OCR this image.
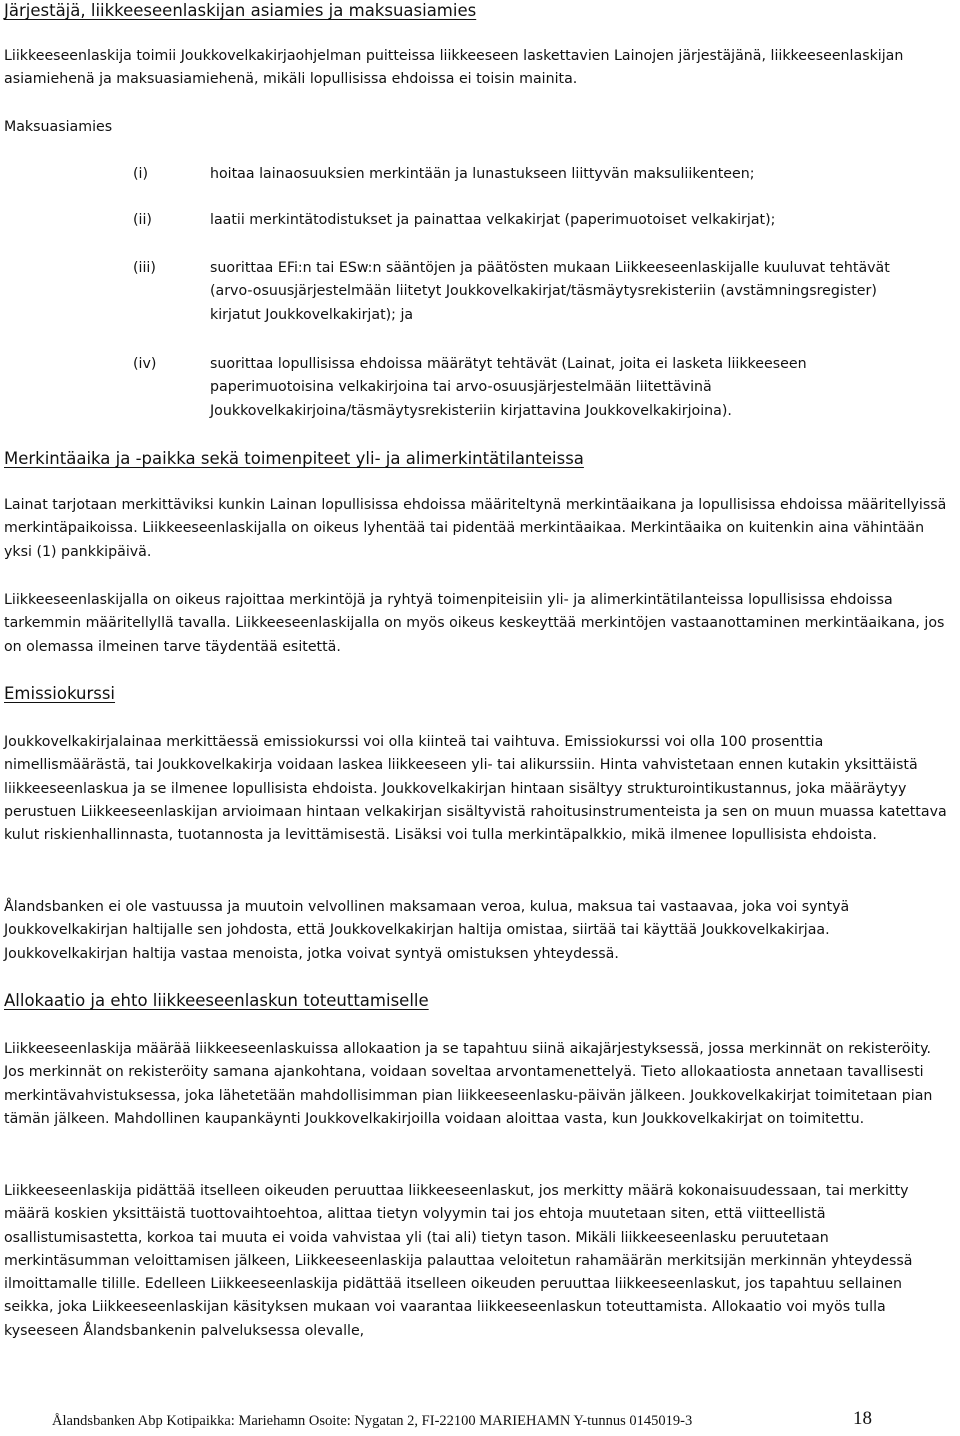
Järjestäjä, liikkeeseenlaskijan asiamies ja maksuasiamies

Liikkeeseenlaskija toimii Joukkovelkakirjaohjelman puitteissa liikkeeseen laskettavien Lainojen järjestäjänä, liikkeeseenlaskijan asiamiehenä ja maksuasiamiehenä, mikäli lopullisissa ehdoissa ei toisin mainita.

Maksuasiamies

(i)	hoitaa lainaosuuksien merkintään ja lunastukseen liittyvän maksuliikenteen;
(ii)	laatii merkintätodistukset ja painattaa velkakirjat (paperimuotoiset velkakirjat);
(iii)	suorittaa EFi:n tai ESw:n sääntöjen ja päätösten mukaan Liikkeeseenlaskijalle kuuluvat tehtävät (arvo-osuusjärjestelmään liitetyt Joukkovelkakirjat/täsmäytysrekisteriin (avstämningsregister) kirjatut Joukkovelkakirjat); ja
(iv)	suorittaa lopullisissa ehdoissa määrätyt tehtävät (Lainat, joita ei lasketa liikkeeseen paperimuotoisina velkakirjoina tai arvo-osuusjärjestelmään liitettävinä Joukkovelkakirjoina/täsmäytysrekisteriin kirjattavina Joukkovelkakirjoina).
Merkintäaika ja -paikka sekä toimenpiteet yli- ja alimerkintätilanteissa

Lainat tarjotaan merkittäviksi kunkin Lainan lopullisissa ehdoissa määriteltynä merkintäaikana ja lopullisissa ehdoissa määritellyissä merkintäpaikoissa. Liikkeeseenlaskijalla on oikeus lyhentää tai pidentää merkintäaikaa. Merkintäaika on kuitenkin aina vähintään yksi (1) pankkipäivä.

Liikkeeseenlaskijalla on oikeus rajoittaa merkintöjä ja ryhtyä toimenpiteisiin yli- ja alimerkintätilanteissa lopullisissa ehdoissa tarkemmin määritellyllä tavalla. Liikkeeseenlaskijalla on myös oikeus keskeyttää merkintöjen vastaanottaminen merkintäaikana, jos on olemassa ilmeinen tarve täydentää esitettä.

Emissiokurssi

Joukkovelkakirjalainaa merkittäessä emissiokurssi voi olla kiinteä tai vaihtuva. Emissiokurssi voi olla 100 prosenttia nimellismäärästä, tai Joukkovelkakirja voidaan laskea liikkeeseen yli- tai alikurssiin. Hinta vahvistetaan ennen kutakin yksittäistä liikkeeseenlaskua ja se ilmenee lopullisista ehdoista. Joukkovelkakirjan hintaan sisältyy strukturointikustannus, joka määräytyy perustuen Liikkeeseenlaskijan arvioimaan hintaan velkakirjan sisältyvistä rahoitusinstrumenteista ja sen on muun muassa katettava kulut riskienhallinnasta, tuotannosta ja levittämisestä. Lisäksi voi tulla merkintäpalkkio, mikä ilmenee lopullisista ehdoista.

Ålandsbanken ei ole vastuussa ja muutoin velvollinen maksamaan veroa, kulua, maksua tai vastaavaa, joka voi syntyä Joukkovelkakirjan haltijalle sen johdosta, että Joukkovelkakirjan haltija omistaa, siirtää tai käyttää Joukkovelkakirjaa. Joukkovelkakirjan haltija vastaa menoista, jotka voivat syntyä omistuksen yhteydessä.

Allokaatio ja ehto liikkeeseenlaskun toteuttamiselle

Liikkeeseenlaskija määrää liikkeeseenlaskuissa allokaation ja se tapahtuu siinä aikajärjestyksessä, jossa merkinnät on rekisteröity. Jos merkinnät on rekisteröity samana ajankohtana, voidaan soveltaa arvontamenettelyä. Tieto allokaatiosta annetaan tavallisesti merkintävahvistuksessa, joka lähetetään mahdollisimman pian liikkeeseenlasku-päivän jälkeen. Joukkovelkakirjat toimitetaan pian tämän jälkeen. Mahdollinen kaupankäynti Joukkovelkakirjoilla voidaan aloittaa vasta, kun Joukkovelkakirjat on toimitettu.

Liikkeeseenlaskija pidättää itselleen oikeuden peruuttaa liikkeeseenlaskut, jos merkitty määrä kokonaisuudessaan, tai merkitty määrä koskien yksittäistä tuottovaihtoehtoa, alittaa tietyn volyymin tai jos ehtoja muutetaan siten, että viitteellistä osallistumisastetta, korkoa tai muuta ei voida vahvistaa yli (tai ali) tietyn tason. Mikäli liikkeeseenlasku peruutetaan merkintäsumman veloittamisen jälkeen, Liikkeeseenlaskija palauttaa veloitetun rahamäärän merkitsijän merkinnän yhteydessä ilmoittamalle tilille. Edelleen Liikkeeseenlaskija pidättää itselleen oikeuden peruuttaa liikkeeseenlaskut, jos tapahtuu sellainen seikka, joka Liikkeeseenlaskijan käsityksen mukaan voi vaarantaa liikkeeseenlaskun toteuttamista. Allokaatio voi myös tulla kyseeseen Ålandsbankenin palveluksessa olevalle,

Ålandsbanken Abp Kotipaikka: Mariehamn Osoite: Nygatan 2, FI-22100 MARIEHAMN Y-tunnus 0145019-3	18
